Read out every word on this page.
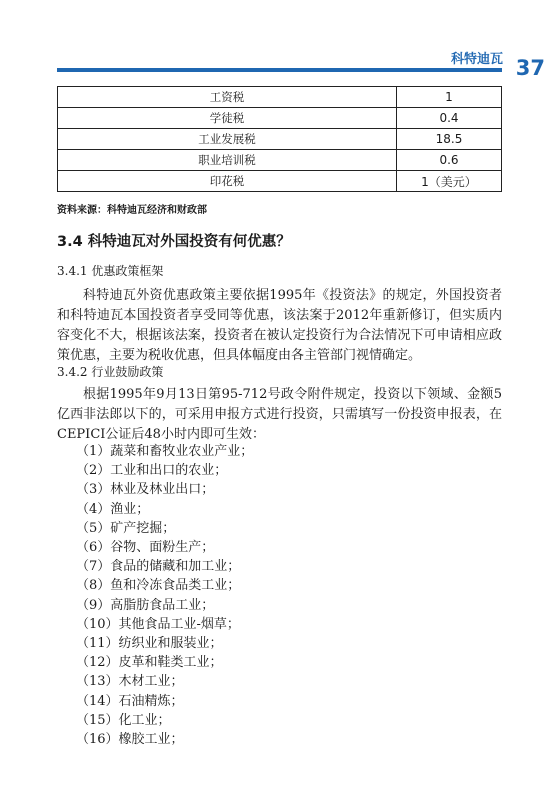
科特迪瓦 37
工资税	1
学徒税	0.4
工业发展税	18.5
职业培训税	0.6
印花税	1（美元）
资料来源：科特迪瓦经济和财政部
3.4 科特迪瓦对外国投资有何优惠？
3.4.1 优惠政策框架

科特迪瓦外资优惠政策主要依据1995年《投资法》的规定，外国投资者和科特迪瓦本国投资者享受同等优惠，该法案于2012年重新修订，但实质内容变化不大，根据该法案，投资者在被认定投资行为合法情况下可申请相应政策优惠，主要为税收优惠，但具体幅度由各主管部门视情确定。

3.4.2 行业鼓励政策

根据1995年9月13日第95-712号政令附件规定，投资以下领域、金额5亿西非法郎以下的，可采用申报方式进行投资，只需填写一份投资申报表，在CEPICI公证后48小时内即可生效：

（1）蔬菜和畜牧业农业产业；
（2）工业和出口的农业；
（3）林业及林业出口；
（4）渔业；
（5）矿产挖掘；
（6）谷物、面粉生产；
（7）食品的储藏和加工业；
（8）鱼和冷冻食品类工业；
（9）高脂肪食品工业；
（10）其他食品工业-烟草；
（11）纺织业和服装业；
（12）皮革和鞋类工业；
（13）木材工业；
（14）石油精炼；
（15）化工业；
（16）橡胶工业；
